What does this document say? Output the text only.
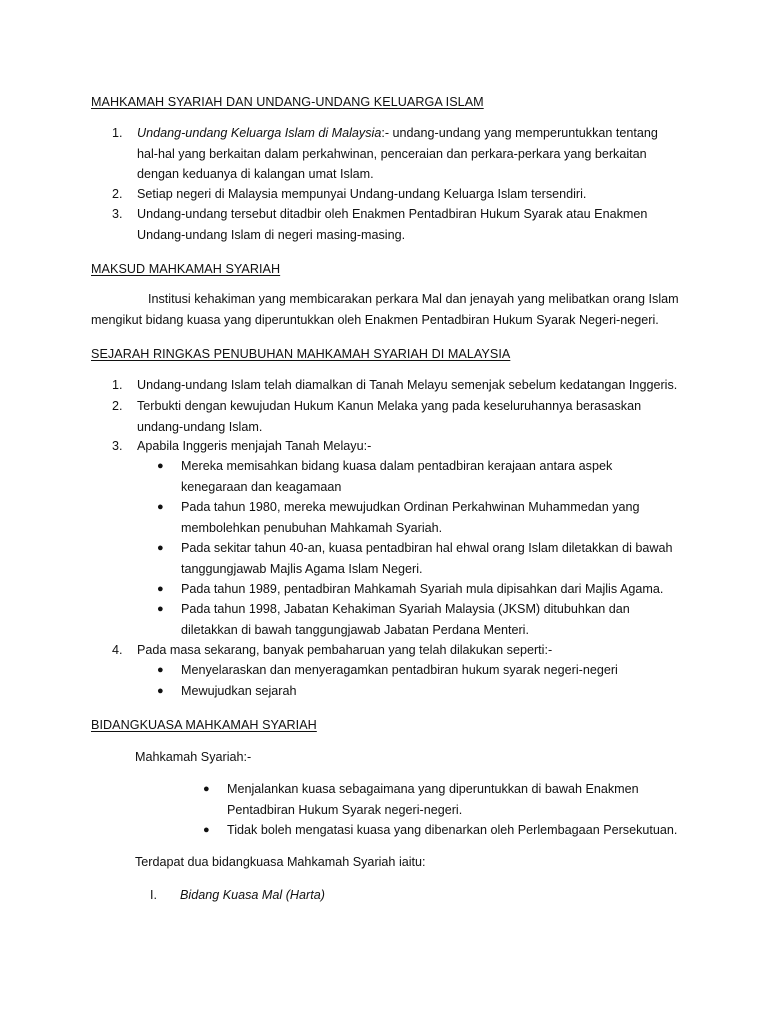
MAHKAMAH SYARIAH DAN UNDANG-UNDANG KELUARGA ISLAM
1. Undang-undang Keluarga Islam di Malaysia:- undang-undang yang memperuntukkan tentang hal-hal yang berkaitan dalam perkahwinan, penceraian dan perkara-perkara yang berkaitan dengan keduanya di kalangan umat Islam.
2. Setiap negeri di Malaysia mempunyai Undang-undang Keluarga Islam tersendiri.
3. Undang-undang tersebut ditadbir oleh Enakmen Pentadbiran Hukum Syarak atau Enakmen Undang-undang Islam di negeri masing-masing.
MAKSUD MAHKAMAH SYARIAH
Institusi kehakiman yang membicarakan perkara Mal dan jenayah yang melibatkan orang Islam
mengikut bidang kuasa yang diperuntukkan oleh Enakmen Pentadbiran Hukum Syarak Negeri-negeri.
SEJARAH RINGKAS PENUBUHAN MAHKAMAH SYARIAH DI MALAYSIA
1. Undang-undang Islam telah diamalkan di Tanah Melayu semenjak sebelum kedatangan Inggeris.
2. Terbukti dengan kewujudan Hukum Kanun Melaka yang pada keseluruhannya berasaskan undang-undang Islam.
3. Apabila Inggeris menjajah Tanah Melayu:-
● Mereka memisahkan bidang kuasa dalam pentadbiran kerajaan antara aspek kenegaraan dan keagamaan
● Pada tahun 1980, mereka mewujudkan Ordinan Perkahwinan Muhammedan yang membolehkan penubuhan Mahkamah Syariah.
● Pada sekitar tahun 40-an, kuasa pentadbiran hal ehwal orang Islam diletakkan di bawah tanggungjawab Majlis Agama Islam Negeri.
● Pada tahun 1989, pentadbiran Mahkamah Syariah mula dipisahkan dari Majlis Agama.
● Pada tahun 1998, Jabatan Kehakiman Syariah Malaysia (JKSM) ditubuhkan dan diletakkan di bawah tanggungjawab Jabatan Perdana Menteri.
4. Pada masa sekarang, banyak pembaharuan yang telah dilakukan seperti:-
● Menyelaraskan dan menyeragamkan pentadbiran hukum syarak negeri-negeri
● Mewujudkan sejarah
BIDANGKUASA MAHKAMAH SYARIAH
Mahkamah Syariah:-
● Menjalankan kuasa sebagaimana yang diperuntukkan di bawah Enakmen Pentadbiran Hukum Syarak negeri-negeri.
● Tidak boleh mengatasi kuasa yang dibenarkan oleh Perlembagaan Persekutuan.
Terdapat dua bidangkuasa Mahkamah Syariah iaitu:
I. Bidang Kuasa Mal (Harta)
